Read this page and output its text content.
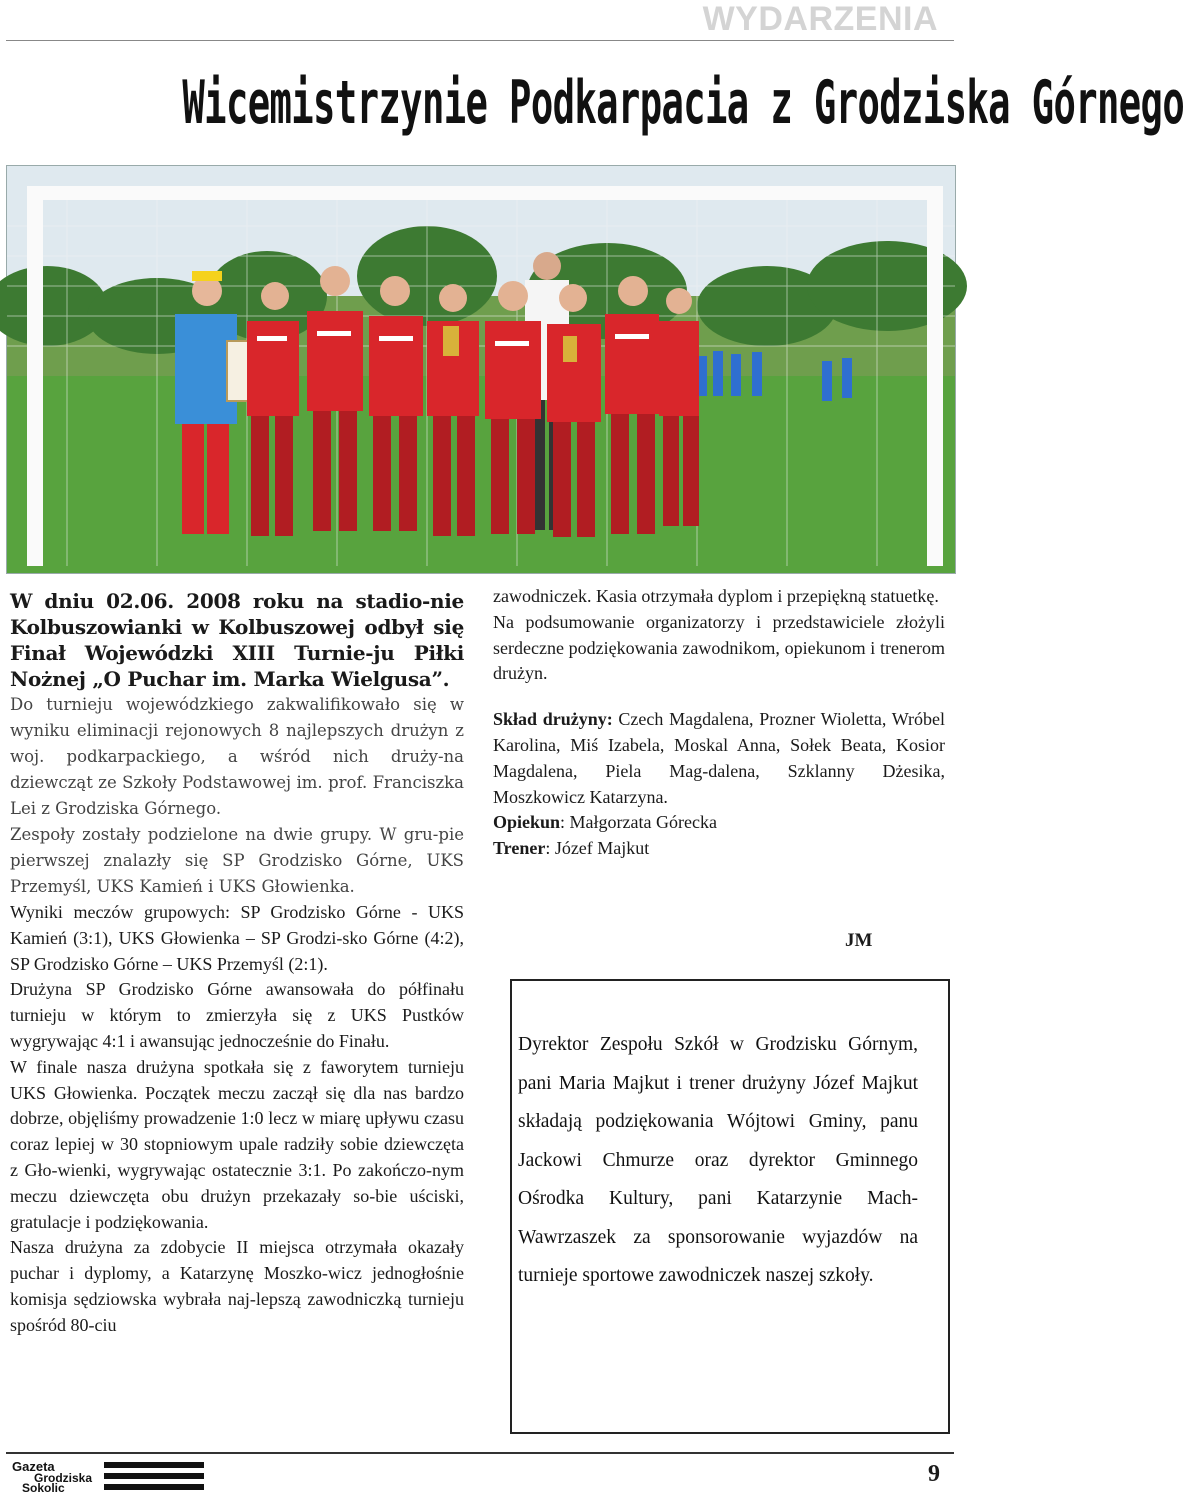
WYDARZENIA
Wicemistrzynie Podkarpacia z Grodziska Górnego

W dniu 02.06. 2008 roku na stadio-nie Kolbuszowianki w Kolbuszowej odbył się Finał Wojewódzki XIII Turnie-ju Piłki Nożnej „O Puchar im. Marka Wielgusa”.

Do turnieju wojewódzkiego zakwalifikowało się w wyniku eliminacji rejonowych 8 najlepszych drużyn z woj. podkarpackiego, a wśród nich druży-na dziewcząt ze Szkoły Podstawowej im. prof. Franciszka Lei z Grodziska Górnego.

Zespoły zostały podzielone na dwie grupy. W gru-pie pierwszej znalazły się SP Grodzisko Górne, UKS Przemyśl, UKS Kamień i UKS Głowienka.

Wyniki meczów grupowych: SP Grodzisko Górne - UKS Kamień (3:1), UKS Głowienka – SP Grodzi-sko Górne (4:2), SP Grodzisko Górne – UKS Przemyśl (2:1).

Drużyna SP Grodzisko Górne awansowała do półfinału turnieju w którym to zmierzyła się z UKS Pustków wygrywając 4:1 i awansując jednocześnie do Finału.

W finale nasza drużyna spotkała się z faworytem turnieju UKS Głowienka. Początek meczu zaczął się dla nas bardzo dobrze, objęliśmy prowadzenie 1:0 lecz w miarę upływu czasu coraz lepiej w 30 stopniowym upale radziły sobie dziewczęta z Gło-wienki, wygrywając ostatecznie 3:1. Po zakończo-nym meczu dziewczęta obu drużyn przekazały so-bie uściski, gratulacje i podziękowania.

Nasza drużyna za zdobycie II miejsca otrzymała okazały puchar i dyplomy, a Katarzynę Moszko-wicz jednogłośnie komisja sędziowska wybrała naj-lepszą zawodniczką turnieju spośród 80-ciu

zawodniczek. Kasia otrzymała dyplom i przepiękną statuetkę.

Na podsumowanie organizatorzy i przedstawiciele złożyli serdeczne podziękowania zawodnikom, opiekunom i trenerom drużyn.

Skład drużyny: Czech Magdalena, Prozner Wioletta, Wróbel Karolina, Miś Izabela, Moskal Anna, Sołek Beata, Kosior Magdalena, Piela Mag-dalena, Szklanny Dżesika, Moszkowicz Katarzyna.

Opiekun: Małgorzata Górecka

Trener: Józef Majkut

JM

Dyrektor Zespołu Szkół w Grodzisku Górnym, pani Maria Majkut i trener drużyny Józef Majkut składają podziękowania Wójtowi Gminy, panu Jackowi Chmurze oraz dyrektor Gminnego Ośrodka Kultury, pani Katarzynie Mach-Wawrzaszek za sponsorowanie wyjazdów na turnieje sportowe zawodniczek naszej szkoły.

Gazeta
Grodziska
Sokolic
9
